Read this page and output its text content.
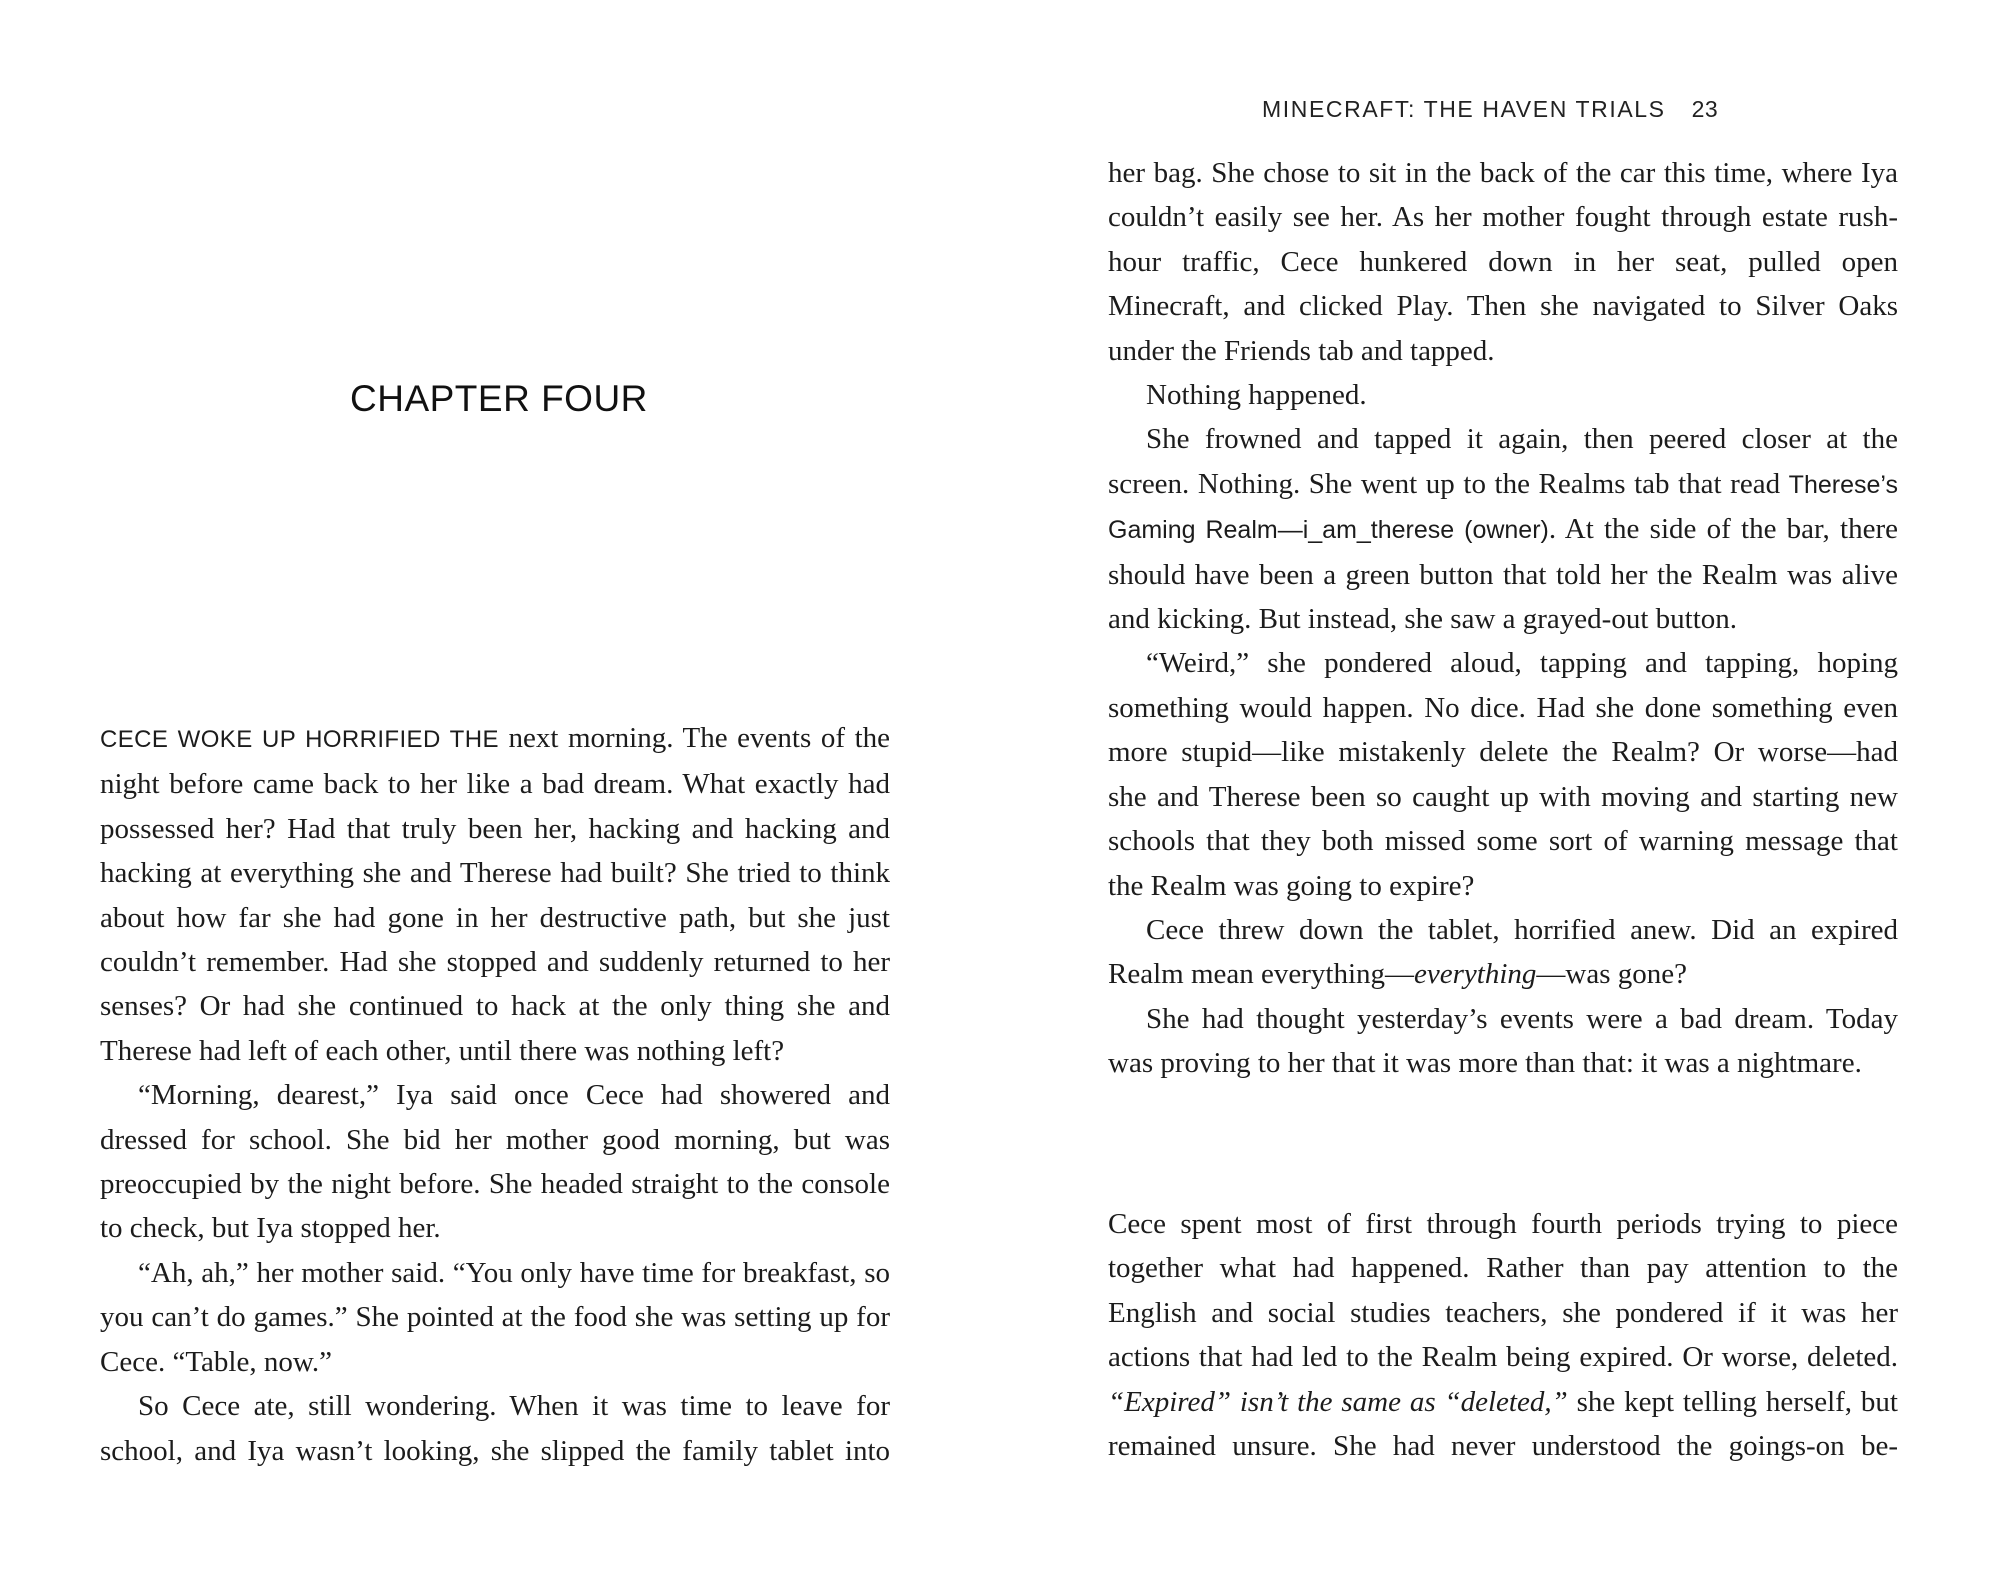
CHAPTER FOUR

CECE WOKE UP HORRIFIED THE next morning. The events of the night before came back to her like a bad dream. What exactly had possessed her? Had that truly been her, hacking and hacking and hacking at everything she and Therese had built? She tried to think about how far she had gone in her destructive path, but she just couldn’t remember. Had she stopped and suddenly returned to her senses? Or had she continued to hack at the only thing she and Therese had left of each other, until there was nothing left?

“Morning, dearest,” Iya said once Cece had showered and dressed for school. She bid her mother good morning, but was preoccupied by the night before. She headed straight to the console to check, but Iya stopped her.

“Ah, ah,” her mother said. “You only have time for breakfast, so you can’t do games.” She pointed at the food she was setting up for Cece. “Table, now.”

So Cece ate, still wondering. When it was time to leave for school, and Iya wasn’t looking, she slipped the family tablet into

MINECRAFT: THE HAVEN TRIALS 23

her bag. She chose to sit in the back of the car this time, where Iya couldn’t easily see her. As her mother fought through estate rush-hour traffic, Cece hunkered down in her seat, pulled open Minecraft, and clicked Play. Then she navigated to Silver Oaks under the Friends tab and tapped.

Nothing happened.

She frowned and tapped it again, then peered closer at the screen. Nothing. She went up to the Realms tab that read Therese’s Gaming Realm—i_am_therese (owner). At the side of the bar, there should have been a green button that told her the Realm was alive and kicking. But instead, she saw a grayed-out button.

“Weird,” she pondered aloud, tapping and tapping, hoping something would happen. No dice. Had she done something even more stupid—like mistakenly delete the Realm? Or worse—had she and Therese been so caught up with moving and starting new schools that they both missed some sort of warning message that the Realm was going to expire?

Cece threw down the tablet, horrified anew. Did an expired Realm mean everything—everything—was gone?

She had thought yesterday’s events were a bad dream. Today was proving to her that it was more than that: it was a nightmare.

Cece spent most of first through fourth periods trying to piece together what had happened. Rather than pay attention to the English and social studies teachers, she pondered if it was her actions that had led to the Realm being expired. Or worse, deleted. “Expired” isn’t the same as “deleted,” she kept telling herself, but remained unsure. She had never understood the goings-on be-
